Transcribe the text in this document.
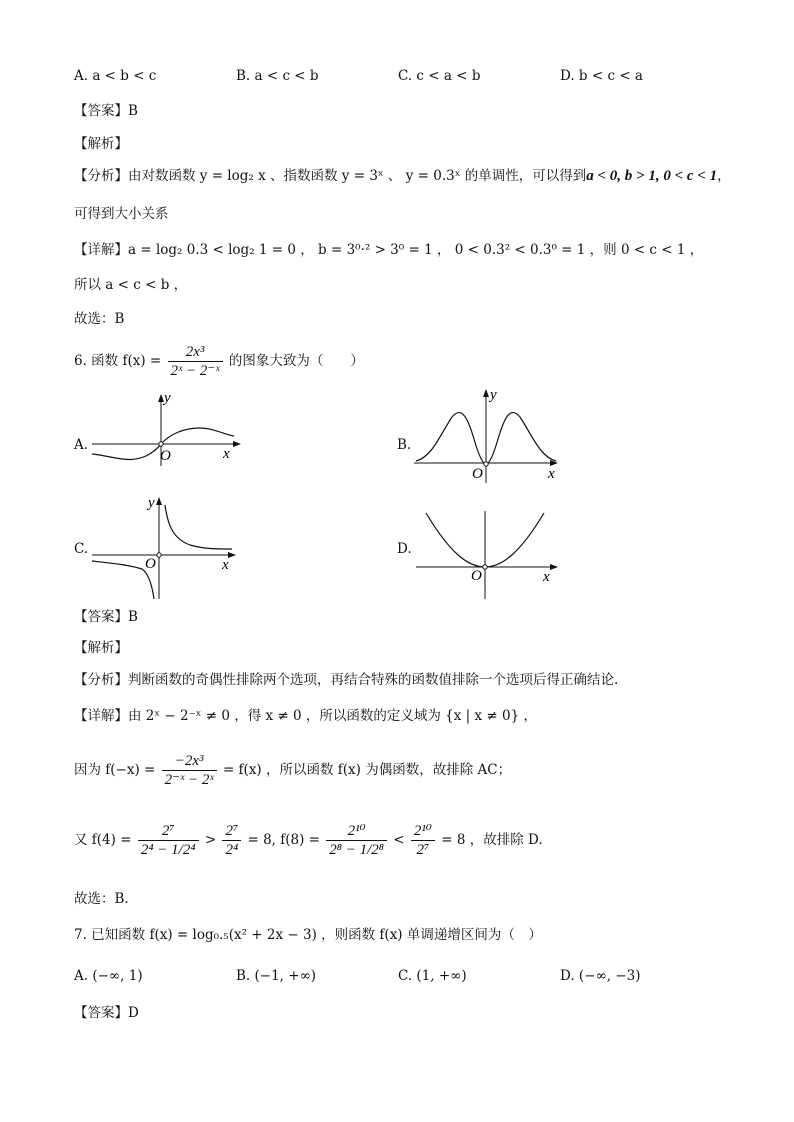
A. a < b < c	B. a < c < b	C. c < a < b	D. b < c < a
【答案】B
【解析】
【分析】由对数函数 y = log₂ x 、指数函数 y = 3ˣ 、 y = 0.3ˣ 的单调性，可以得到a < 0, b > 1, 0 < c < 1，
可得到大小关系
【详解】a = log₂ 0.3 < log₂ 1 = 0 ， b = 3⁰·² > 3⁰ = 1 ， 0 < 0.3² < 0.3⁰ = 1 ，则 0 < c < 1 ，
所以 a < c < b ，
故选：B
6. 函数 $f(x) = \frac{\text{2x³}}{\text{2ˣ − 2⁻ˣ}}$ 的图象大致为（　　）
A.
y
x
O
B.
y
x
O
C.
y
x
O
D.
x
O
【答案】B
【解析】
【分析】判断函数的奇偶性排除两个选项，再结合特殊的函数值排除一个选项后得正确结论.
【详解】由 2ˣ − 2⁻ˣ ≠ 0 ，得 x ≠ 0 ，所以函数的定义域为 {x | x ≠ 0} ，
因为 $f(-x) = \frac{\text{−2x³}}{\text{2⁻ˣ − 2ˣ}} = f(x)$ ，所以函数 f(x) 为偶函数，故排除 AC；
又 $f(4) = \frac{\text{2⁷}}{\text{2⁴ − 1/2⁴}} > \frac{\text{2⁷}}{\text{2⁴}} = 8$, $f(8) = \frac{\text{2¹⁰}}{\text{2⁸ − 1/2⁸}} < \frac{\text{2¹⁰}}{\text{2⁷}} = 8$ ，故排除 D.
故选：B.
7. 已知函数 f(x) = log₀.₅(x² + 2x − 3) ，则函数 f(x) 单调递增区间为（　）
A. (−∞, 1)	B. (−1, +∞)	C. (1, +∞)	D. (−∞, −3)
【答案】D
